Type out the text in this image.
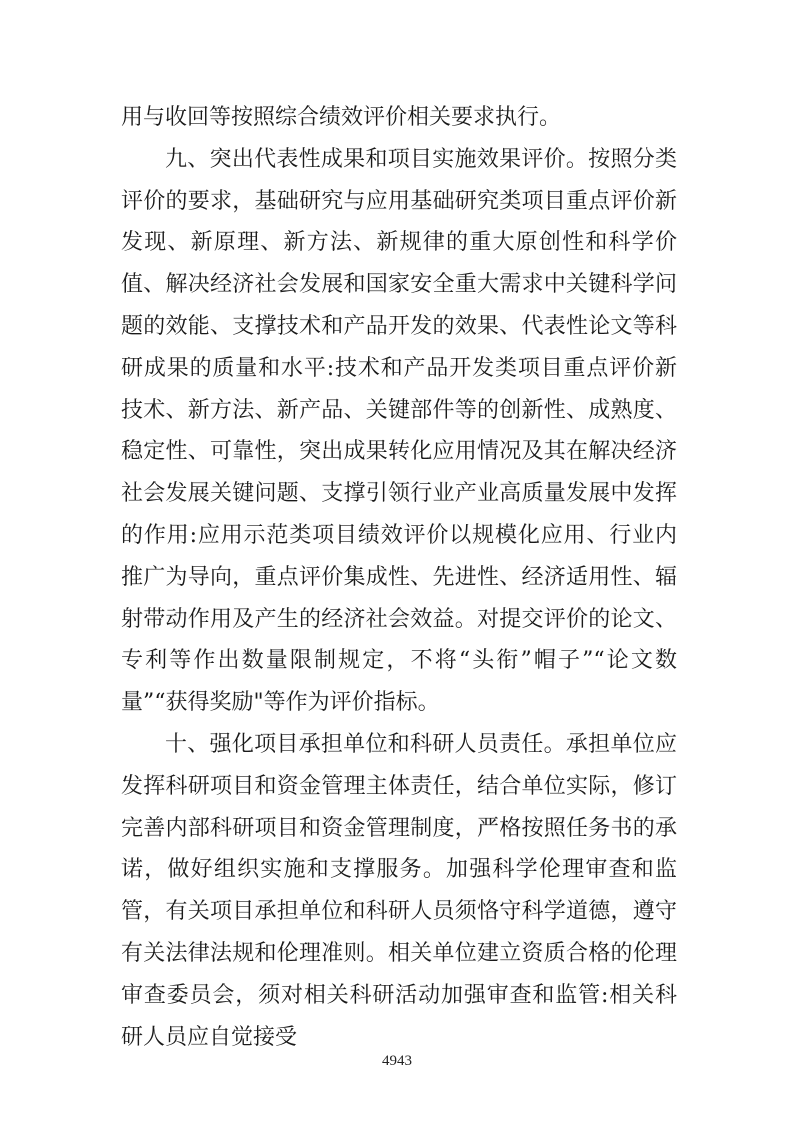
用与收回等按照综合绩效评价相关要求执行。

九、突出代表性成果和项目实施效果评价。按照分类评价的要求，基础研究与应用基础研究类项目重点评价新发现、新原理、新方法、新规律的重大原创性和科学价值、解决经济社会发展和国家安全重大需求中关键科学问题的效能、支撑技术和产品开发的效果、代表性论文等科研成果的质量和水平:技术和产品开发类项目重点评价新技术、新方法、新产品、关键部件等的创新性、成熟度、稳定性、可靠性，突出成果转化应用情况及其在解决经济社会发展关键问题、支撑引领行业产业高质量发展中发挥的作用:应用示范类项目绩效评价以规模化应用、行业内推广为导向，重点评价集成性、先进性、经济适用性、辐射带动作用及产生的经济社会效益。对提交评价的论文、专利等作出数量限制规定，不将“头衔”帽子”“论文数量”“获得奖励"等作为评价指标。

十、强化项目承担单位和科研人员责任。承担单位应发挥科研项目和资金管理主体责任，结合单位实际，修订完善内部科研项目和资金管理制度，严格按照任务书的承诺，做好组织实施和支撑服务。加强科学伦理审查和监管，有关项目承担单位和科研人员须恪守科学道德，遵守有关法律法规和伦理准则。相关单位建立资质合格的伦理审查委员会，须对相关科研活动加强审查和监管:相关科研人员应自觉接受

4943
